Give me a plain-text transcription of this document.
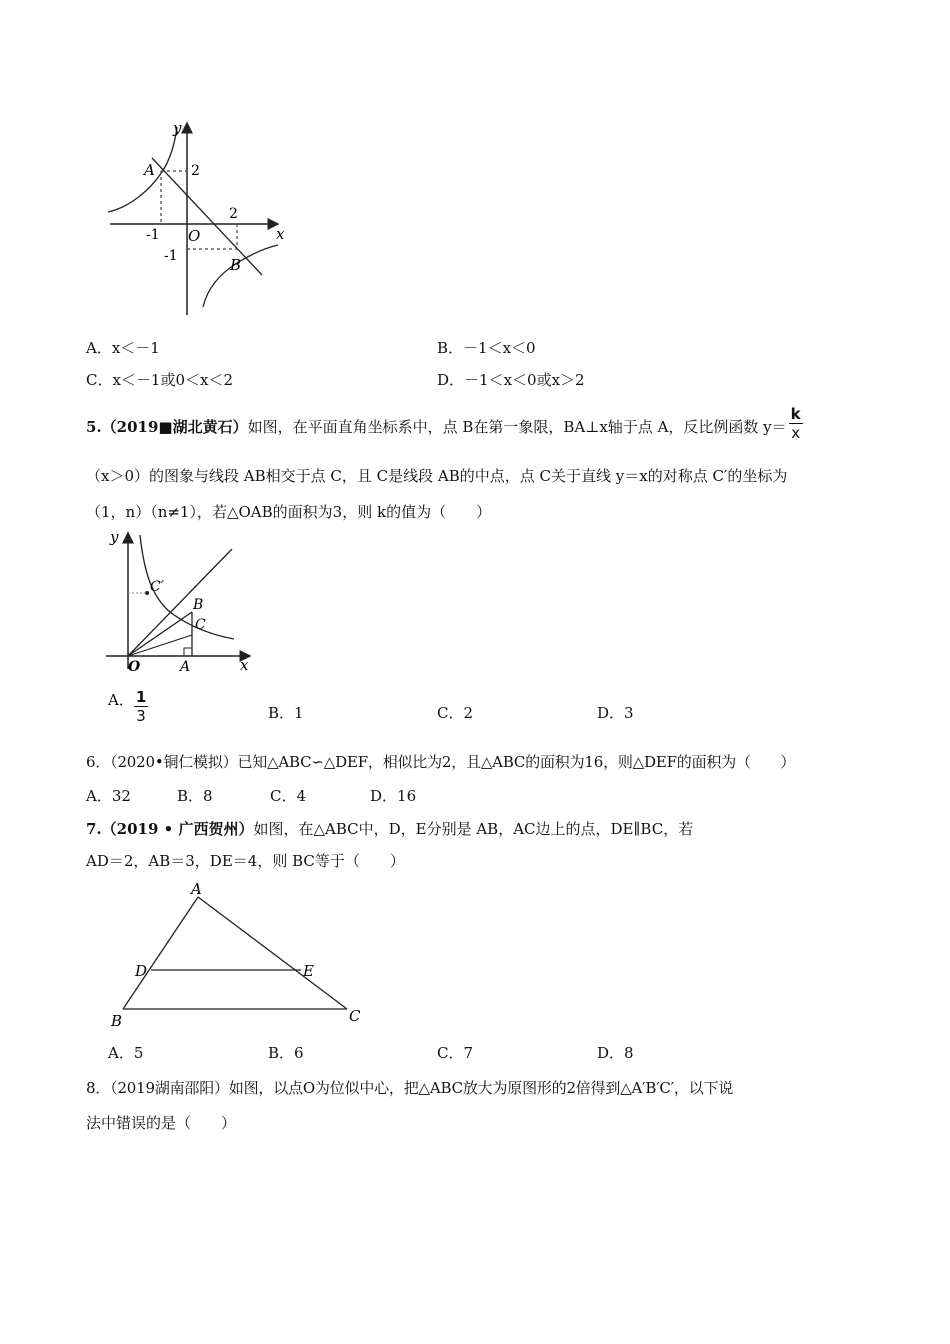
y
x
O
A
B
2
2
-1
-1
A．x＜－1	B．－1＜x＜0
C．x＜－1或0＜x＜2	D．－1＜x＜0或x＞2
5.（2019■湖北黄石）如图，在平面直角坐标系中，点 B在第一象限，BA⊥x轴于点 A，反比例函数 $y= \frac{k}{x}$
（x＞0）的图象与线段 AB相交于点 C，且 C是线段 AB的中点，点 C关于直线 y＝x的对称点 C′的坐标为
（1，n）（n≠1），若△OAB的面积为3，则 k的值为（　　）
y
x
O	A
B
C
C′
A． $\frac{1}{3}$	B．1	C．2	D．3
6．（2020•铜仁模拟）已知△ABC∽△DEF，相似比为2，且△ABC的面积为16，则△DEF的面积为（　　）
A．32	B．8	C．4	D．16
7.（2019 • 广西贺州）如图，在△ABC中，D，E分别是 AB，AC边上的点，DE∥BC，若
AD＝2，AB＝3，DE＝4，则 BC等于（　　）
A
B	C
D	E
A．5	B．6	C．7	D．8
8．（2019湖南邵阳）如图，以点O为位似中心，把△ABC放大为原图形的2倍得到△A′B′C′，以下说
法中错误的是（　　）
